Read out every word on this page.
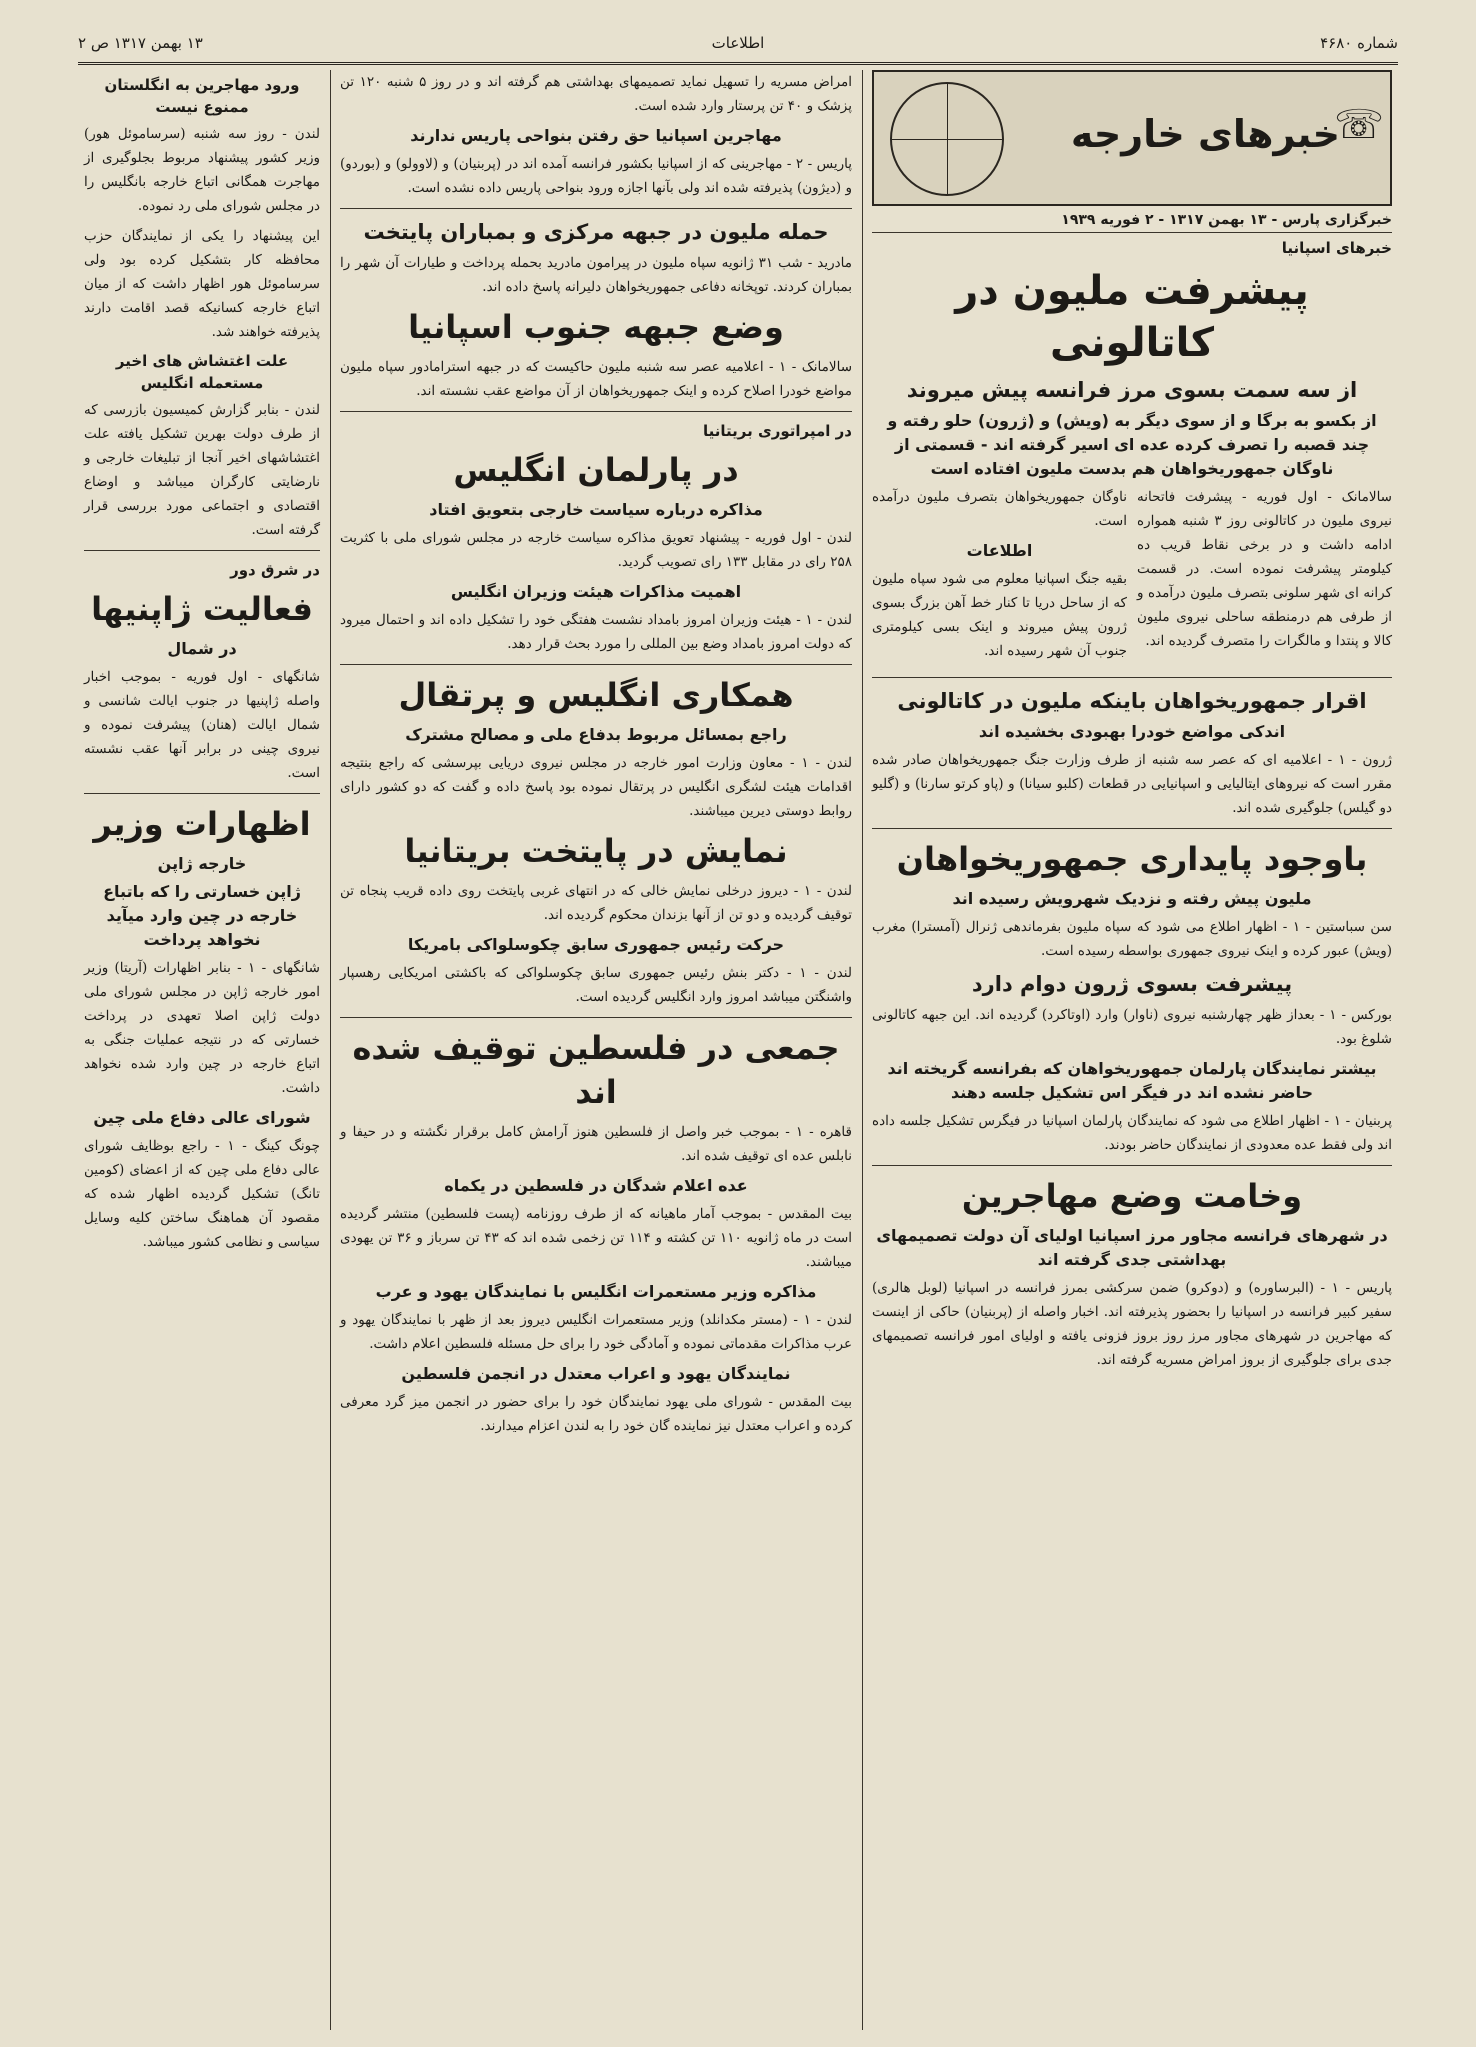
شماره ۴۶۸۰
اطلاعات
۱۳ بهمن ۱۳۱۷ ص ۲
☏
خبرهای خارجه
خبرگزاری پارس - ۱۳ بهمن ۱۳۱۷ - ۲ فوریه ۱۹۳۹
خبرهای اسپانیا
پیشرفت ملیون در کاتالونی
از سه سمت بسوی مرز فرانسه پیش میروند
از بکسو به برگا و از سوی دیگر به (ویش) و (ژرون) حلو رفته و چند قصبه را تصرف کرده عده ای اسیر گرفته اند - قسمتی از ناوگان جمهوریخواهان هم بدست ملیون افتاده است

سالامانک - اول فوریه - پیشرفت فاتحانه نیروی ملیون در کاتالونی روز ۳ شنبه همواره ادامه داشت و در برخی نقاط قریب ده کیلومتر پیشرفت نموده است. در قسمت کرانه ای شهر سلونی بتصرف ملیون درآمده و از طرفی هم درمنطقه ساحلی نیروی ملیون کالا و پنتدا و مالگرات را متصرف گردیده اند.

ناوگان جمهوریخواهان بتصرف ملیون درآمده است.

اطلاعات

بقیه جنگ اسپانیا معلوم می شود سپاه ملیون که از ساحل دریا تا کنار خط آهن بزرگ بسوی ژرون پیش میروند و اینک بسی کیلومتری جنوب آن شهر رسیده اند.

اقرار جمهوریخواهان باینکه ملیون در کاتالونی
اندکی مواضع خودرا بهبودی بخشیده اند

ژرون - ۱ - اعلامیه ای که عصر سه شنبه از طرف وزارت جنگ جمهوریخواهان صادر شده مقرر است که نیروهای ایتالیایی و اسپانیایی در قطعات (کلبو سیانا) و (پاو کرتو سارنا) و (گلیو دو گیلس) جلوگیری شده اند.

باوجود پایداری جمهوریخواهان
ملیون پیش رفته و نزدیک شهرویش رسیده اند

سن سباستین - ۱ - اظهار اطلاع می شود که سپاه ملیون بفرماندهی ژنرال (آمسترا) مغرب (ویش) عبور کرده و اینک نیروی جمهوری بواسطه رسیده است.

پیشرفت بسوی ژرون دوام دارد

بورکس - ۱ - بعداز ظهر چهارشنبه نیروی (ناوار) وارد (اوتاکرد) گردیده اند. این جبهه کاتالونی شلوغ بود.

بیشتر نمایندگان پارلمان جمهوریخواهان که بفرانسه گریخته اند حاضر نشده اند در فیگر اس تشکیل جلسه دهند

پربنیان - ۱ - اظهار اطلاع می شود که نمایندگان پارلمان اسپانیا در فیگرس تشکیل جلسه داده اند ولی فقط عده معدودی از نمایندگان حاضر بودند.

وخامت وضع مهاجرین
در شهرهای فرانسه مجاور مرز اسپانیا اولیای آن دولت تصمیمهای بهداشتی جدی گرفته اند

پاریس - ۱ - (البرساوره) و (دوکرو) ضمن سرکشی بمرز فرانسه در اسپانیا (لوبل هالری) سفیر کبیر فرانسه در اسپانیا را بحضور پذیرفته اند. اخبار واصله از (پربنیان) حاکی از اینست که مهاجرین در شهرهای مجاور مرز روز بروز فزونی یافته و اولیای امور فرانسه تصمیمهای جدی برای جلوگیری از بروز امراض مسریه گرفته اند.

امراض مسریه را تسهیل نماید تصمیمهای بهداشتی هم گرفته اند و در روز ۵ شنبه ۱۲۰ تن پزشک و ۴۰ تن پرستار وارد شده است.

مهاجرین اسپانیا حق رفتن بنواحی پاریس ندارند

پاریس - ۲ - مهاجرینی که از اسپانیا بکشور فرانسه آمده اند در (پربنیان) و (لاوولو) و (بوردو) و (دیژون) پذیرفته شده اند ولی بآنها اجازه ورود بنواحی پاریس داده نشده است.

حمله ملیون در جبهه مرکزی و بمباران پایتخت

مادرید - شب ۳۱ ژانویه سپاه ملیون در پیرامون مادرید بحمله پرداخت و طیارات آن شهر را بمباران کردند. توپخانه دفاعی جمهوریخواهان دلیرانه پاسخ داده اند.

وضع جبهه جنوب اسپانیا

سالامانک - ۱ - اعلامیه عصر سه شنبه ملیون حاکیست که در جبهه استرامادور سپاه ملیون مواضع خودرا اصلاح کرده و اینک جمهوریخواهان از آن مواضع عقب نشسته اند.

در امپراتوری بریتانیا
در پارلمان انگلیس
مذاکره درباره سیاست خارجی بتعویق افتاد

لندن - اول فوریه - پیشنهاد تعویق مذاکره سیاست خارجه در مجلس شورای ملی با کثریت ۲۵۸ رای در مقابل ۱۳۳ رای تصویب گردید.

اهمیت مذاکرات هیئت وزیران انگلیس

لندن - ۱ - هیئت وزیران امروز بامداد نشست هفتگی خود را تشکیل داده اند و احتمال میرود که دولت امروز بامداد وضع بین المللی را مورد بحث قرار دهد.

همکاری انگلیس و پرتقال
راجع بمسائل مربوط بدفاع ملی و مصالح مشترک

لندن - ۱ - معاون وزارت امور خارجه در مجلس نیروی دریایی بپرسشی که راجع بنتیجه اقدامات هیئت لشگری انگلیس در پرتقال نموده بود پاسخ داده و گفت که دو کشور دارای روابط دوستی دیرین میباشند.

نمایش در پایتخت بریتانیا

لندن - ۱ - دیروز درخلی نمایش خالی که در انتهای غربی پایتخت روی داده قریب پنجاه تن توقیف گردیده و دو تن از آنها بزندان محکوم گردیده اند.

حرکت رئیس جمهوری سابق چکوسلواکی بامریکا

لندن - ۱ - دکتر بنش رئیس جمهوری سابق چکوسلواکی که باکشتی امریکایی رهسپار واشنگتن میباشد امروز وارد انگلیس گردیده است.

جمعی در فلسطین توقیف شده اند

قاهره - ۱ - بموجب خبر واصل از فلسطین هنوز آرامش کامل برقرار نگشته و در حیفا و نابلس عده ای توقیف شده اند.

عده اعلام شدگان در فلسطین در یکماه

بیت المقدس - بموجب آمار ماهیانه که از طرف روزنامه (پست فلسطین) منتشر گردیده است در ماه ژانویه ۱۱۰ تن کشته و ۱۱۴ تن زخمی شده اند که ۴۳ تن سرباز و ۳۶ تن یهودی میباشند.

مذاکره وزیر مستعمرات انگلیس با نمایندگان یهود و عرب

لندن - ۱ - (مستر مکدانلد) وزیر مستعمرات انگلیس دیروز بعد از ظهر با نمایندگان یهود و عرب مذاکرات مقدماتی نموده و آمادگی خود را برای حل مسئله فلسطین اعلام داشت.

نمایندگان یهود و اعراب معتدل در انجمن فلسطین

بیت المقدس - شورای ملی یهود نمایندگان خود را برای حضور در انجمن میز گرد معرفی کرده و اعراب معتدل نیز نماینده گان خود را به لندن اعزام میدارند.

ورود مهاجرین به انگلستان ممنوع نیست

لندن - روز سه شنبه (سرساموئل هور) وزیر کشور پیشنهاد مربوط بجلوگیری از مهاجرت همگانی اتباع خارجه بانگلیس را در مجلس شورای ملی رد نموده.

این پیشنهاد را یکی از نمایندگان حزب محافظه کار بتشکیل کرده بود ولی سرساموئل هور اظهار داشت که از میان اتباع خارجه کسانیکه قصد اقامت دارند پذیرفته خواهند شد.

علت اغتشاش های اخیر مستعمله انگلیس

لندن - بنابر گزارش کمیسیون بازرسی که از طرف دولت بهرین تشکیل یافته علت اغتشاشهای اخیر آنجا از تبلیغات خارجی و نارضایتی کارگران میباشد و اوضاع اقتصادی و اجتماعی مورد بررسی قرار گرفته است.

در شرق دور
فعالیت ژاپنیها
در شمال

شانگهای - اول فوریه - بموجب اخبار واصله ژاپنیها در جنوب ایالت شانسی و شمال ایالت (هنان) پیشرفت نموده و نیروی چینی در برابر آنها عقب نشسته است.

اظهارات وزیر
خارجه ژاپن
ژاپن خسارتی را که باتباع خارجه در چین وارد میآید نخواهد پرداخت

شانگهای - ۱ - بنابر اظهارات (آریتا) وزیر امور خارجه ژاپن در مجلس شورای ملی دولت ژاپن اصلا تعهدی در پرداخت خسارتی که در نتیجه عملیات جنگی به اتباع خارجه در چین وارد شده نخواهد داشت.

شورای عالی دفاع ملی چین

چونگ کینگ - ۱ - راجع بوظایف شورای عالی دفاع ملی چین که از اعضای (کومین تانگ) تشکیل گردیده اظهار شده که مقصود آن هماهنگ ساختن کلیه وسایل سیاسی و نظامی کشور میباشد.
